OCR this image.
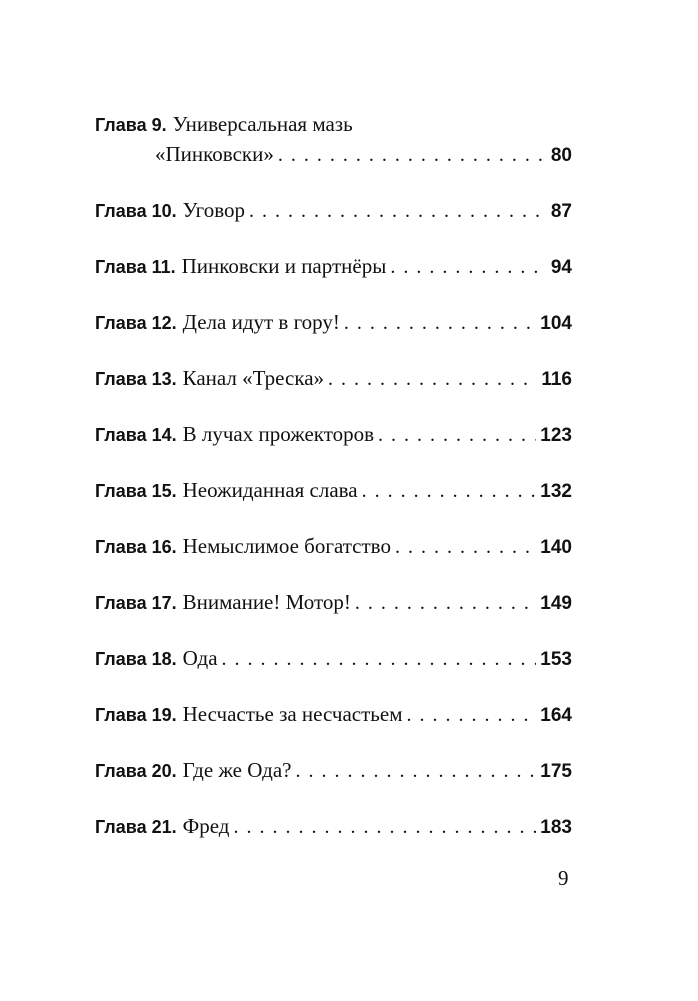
Глава 9. Универсальная мазь
«Пинковски» . . .	80
Глава 10. Уговор . . .	87
Глава 11. Пинковски и партнёры . . .	94
Глава 12. Дела идут в гору! . . .	104
Глава 13. Канал «Треска» . . .	116
Глава 14. В лучах прожекторов . . .	123
Глава 15. Неожиданная слава . . .	132
Глава 16. Немыслимое богатство . . .	140
Глава 17. Внимание! Мотор! . . .	149
Глава 18. Ода . . .	153
Глава 19. Несчастье за несчастьем . . .	164
Глава 20. Где же Ода? . . .	175
Глава 21. Фред . . .	183
9
